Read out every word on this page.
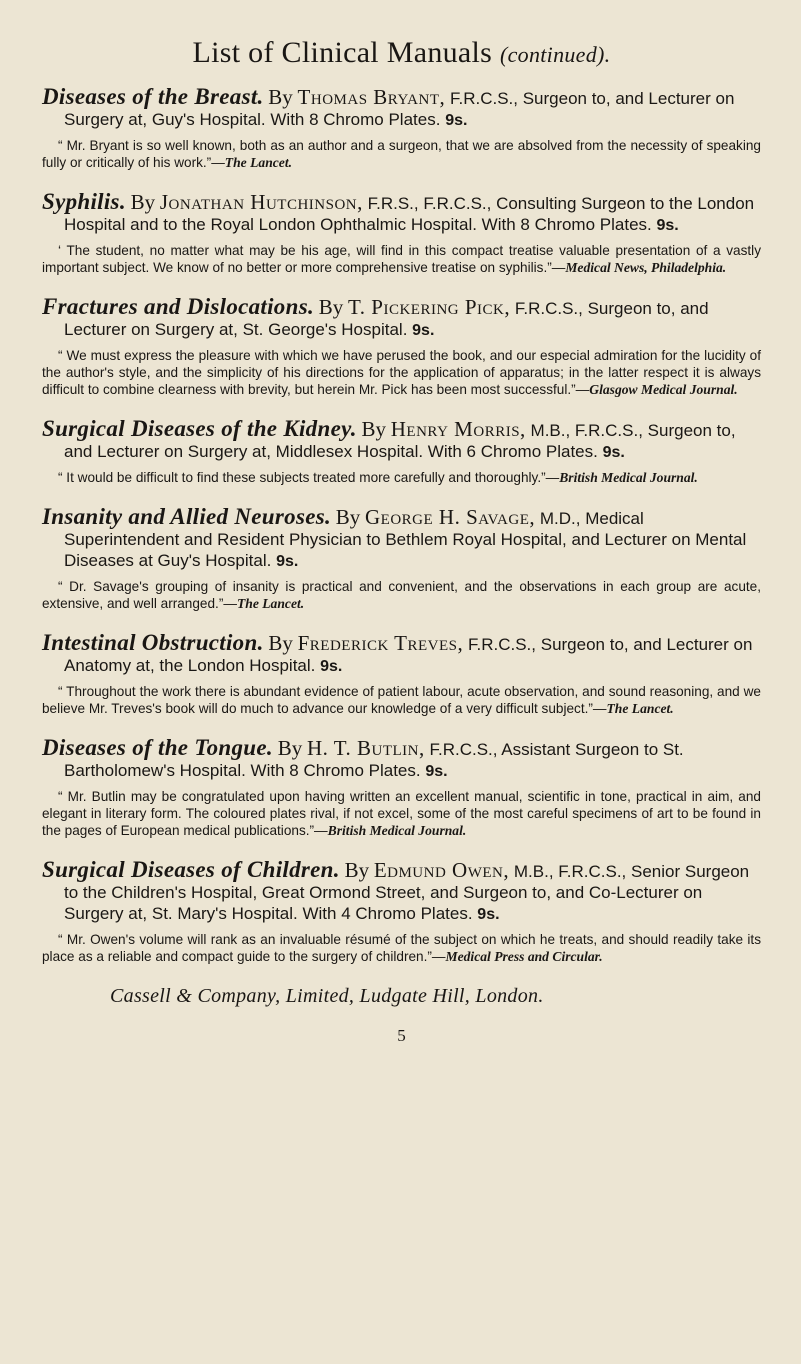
List of Clinical Manuals (continued).

Diseases of the Breast. By Thomas Bryant, F.R.C.S., Surgeon to, and Lecturer on Surgery at, Guy's Hospital. With 8 Chromo Plates. 9s.

“ Mr. Bryant is so well known, both as an author and a surgeon, that we are absolved from the necessity of speaking fully or critically of his work.”—The Lancet.

Syphilis. By Jonathan Hutchinson, F.R.S., F.R.C.S., Consulting Surgeon to the London Hospital and to the Royal London Ophthalmic Hospital. With 8 Chromo Plates. 9s.

‘ The student, no matter what may be his age, will find in this compact treatise valuable presentation of a vastly important subject. We know of no better or more comprehensive treatise on syphilis.”—Medical News, Philadelphia.

Fractures and Dislocations. By T. Pickering Pick, F.R.C.S., Surgeon to, and Lecturer on Surgery at, St. George's Hospital. 9s.

“ We must express the pleasure with which we have perused the book, and our especial admiration for the lucidity of the author's style, and the simplicity of his directions for the application of apparatus; in the latter respect it is always difficult to combine clearness with brevity, but herein Mr. Pick has been most successful.”—Glasgow Medical Journal.

Surgical Diseases of the Kidney. By Henry Morris, M.B., F.R.C.S., Surgeon to, and Lecturer on Surgery at, Middlesex Hospital. With 6 Chromo Plates. 9s.

“ It would be difficult to find these subjects treated more carefully and thoroughly.”—British Medical Journal.

Insanity and Allied Neuroses. By George H. Savage, M.D., Medical Superintendent and Resident Physician to Bethlem Royal Hospital, and Lecturer on Mental Diseases at Guy's Hospital. 9s.

“ Dr. Savage's grouping of insanity is practical and convenient, and the observations in each group are acute, extensive, and well arranged.”—The Lancet.

Intestinal Obstruction. By Frederick Treves, F.R.C.S., Surgeon to, and Lecturer on Anatomy at, the London Hospital. 9s.

“ Throughout the work there is abundant evidence of patient labour, acute observation, and sound reasoning, and we believe Mr. Treves's book will do much to advance our knowledge of a very difficult subject.”—The Lancet.

Diseases of the Tongue. By H. T. Butlin, F.R.C.S., Assistant Surgeon to St. Bartholomew's Hospital. With 8 Chromo Plates. 9s.

“ Mr. Butlin may be congratulated upon having written an excellent manual, scientific in tone, practical in aim, and elegant in literary form. The coloured plates rival, if not excel, some of the most careful specimens of art to be found in the pages of European medical publications.”—British Medical Journal.

Surgical Diseases of Children. By Edmund Owen, M.B., F.R.C.S., Senior Surgeon to the Children's Hospital, Great Ormond Street, and Surgeon to, and Co-Lecturer on Surgery at, St. Mary's Hospital. With 4 Chromo Plates. 9s.

“ Mr. Owen's volume will rank as an invaluable résumé of the subject on which he treats, and should readily take its place as a reliable and compact guide to the surgery of children.”—Medical Press and Circular.

Cassell & Company, Limited, Ludgate Hill, London.
5
